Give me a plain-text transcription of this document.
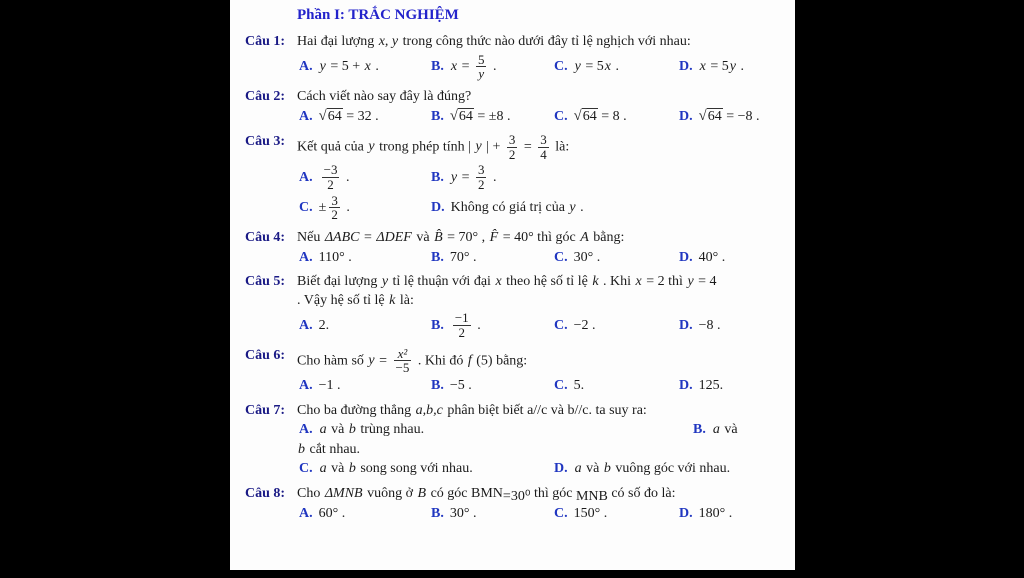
Phần I: TRẮC NGHIỆM
Câu 1: Hai đại lượng x, y trong công thức nào dưới đây tỉ lệ nghịch với nhau:
A. y = 5 + x .	B. $x = \frac{5}{y}$ .	C. y = 5x .	D. x = 5y .
Câu 2: Cách viết nào say đây là đúng?
A. √64 = 32 .	B. √64 = ±8 .	C. √64 = 8 .	D. √64 = −8 .
Câu 3: Kết quả của y trong phép tính | y | + $\frac{3}{2} = \frac{3}{4}$ là:
A. $\frac{-3}{2}$ .	B. $y = \frac{3}{2}$ .
C. ± $\frac{3}{2}$ .	D. Không có giá trị của y .
Câu 4: Nếu ΔABC = ΔDEF và B̂ = 70° , F̂ = 40° thì góc A bằng:
A. 110° .	B. 70° .	C. 30° .	D. 40° .
Câu 5: Biết đại lượng y tỉ lệ thuận với đại x theo hệ số tỉ lệ k . Khi x = 2 thì y = 4
. Vậy hệ số tỉ lệ k là:
A. 2.	B. $\frac{-1}{2}$ .	C. −2 .	D. −8 .
Câu 6: Cho hàm số $y = \frac{\text{x²}}{-5}$ . Khi đó f (5) bằng:
A. −1 .	B. −5 .	C. 5.	D. 125.
Câu 7: Cho ba đường thẳng a,b,c phân biệt biết a//c và b//c. ta suy ra:
A. a và b trùng nhau.	B. a và
b cắt nhau.
C. a và b song song với nhau.	D. a và b vuông góc với nhau.
Câu 8: Cho ΔMNB vuông ở B có góc BMN=30⁰ thì góc MNB có số đo là:
A. 60° .	B. 30° .	C. 150° .	D. 180° .
